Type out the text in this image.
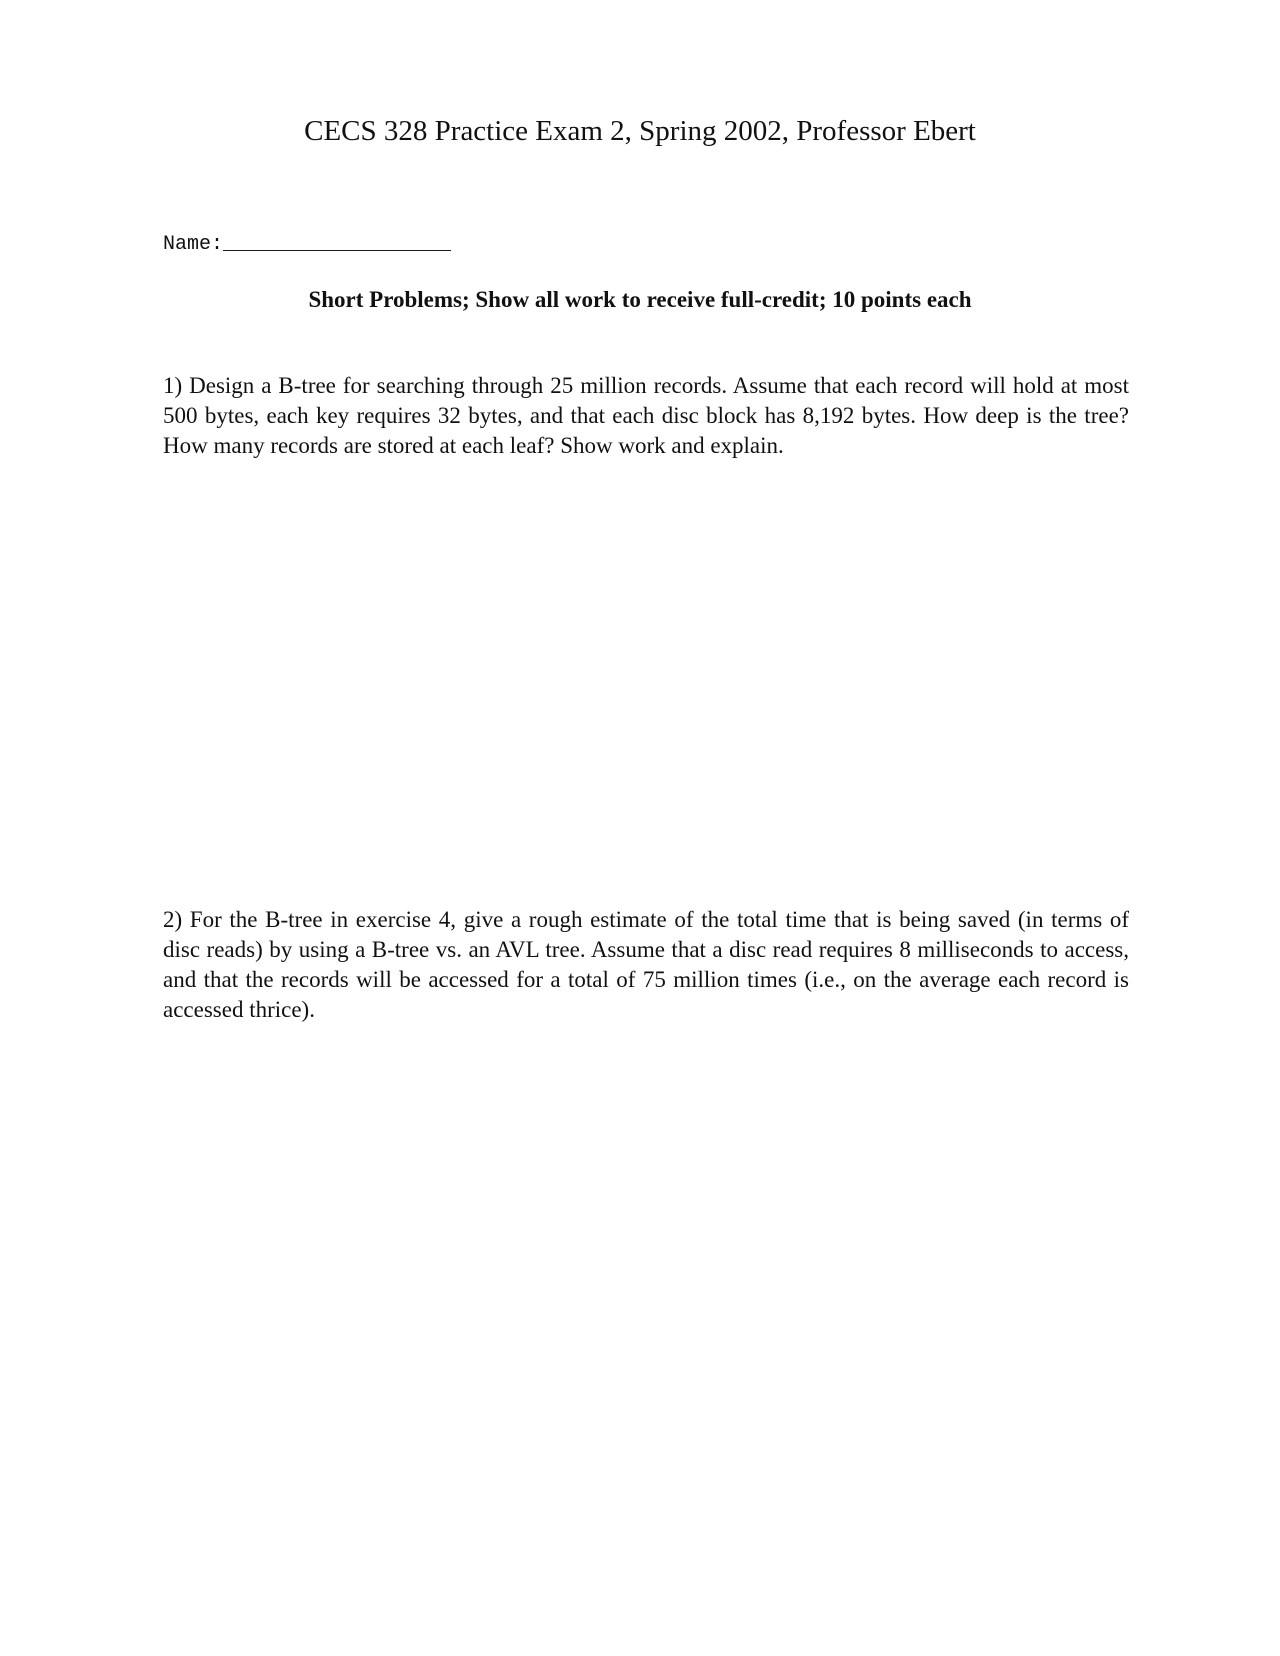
CECS 328 Practice Exam 2, Spring 2002, Professor Ebert
Name:___________________
Short Problems; Show all work to receive full-credit; 10 points each
1) Design a B-tree for searching through 25 million records. Assume that each record will hold at most 500 bytes, each key requires 32 bytes, and that each disc block has 8,192 bytes. How deep is the tree? How many records are stored at each leaf? Show work and explain.
2) For the B-tree in exercise 4, give a rough estimate of the total time that is being saved (in terms of disc reads) by using a B-tree vs. an AVL tree. Assume that a disc read requires 8 milliseconds to access, and that the records will be accessed for a total of 75 million times (i.e., on the average each record is accessed thrice).
